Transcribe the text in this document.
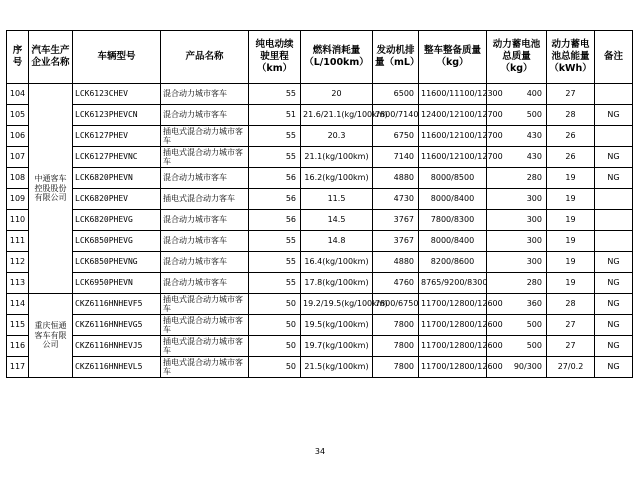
序号	汽车生产企业名称	车辆型号	产品名称	纯电动续驶里程（km）	燃料消耗量（L/100km）	发动机排量（mL）	整车整备质量（kg）	动力蓄电池总质量（kg）	动力蓄电池总能量（kWh）	备注
104	中通客车控股股份有限公司	LCK6123CHEV	混合动力城市客车	55	20	6500	11600/11100/12300	400	27	
105		LCK6123PHEVCN	混合动力城市客车	51	21.6/21.1(kg/100km)	7800/7140	12400/12100/12700	500	28	NG
106		LCK6127PHEV	插电式混合动力城市客车	55	20.3	6750	11600/12100/12700	430	26	
107		LCK6127PHEVNC	插电式混合动力城市客车	55	21.1(kg/100km)	7140	11600/12100/12700	430	26	NG
108		LCK6820PHEVN	混合动力城市客车	56	16.2(kg/100km)	4880	8000/8500	280	19	NG
109		LCK6820PHEV	插电式混合动力客车	56	11.5	4730	8000/8400	300	19	
110		LCK6820PHEVG	混合动力城市客车	56	14.5	3767	7800/8300	300	19	
111		LCK6850PHEVG	混合动力城市客车	55	14.8	3767	8000/8400	300	19	
112		LCK6850PHEVNG	混合动力城市客车	55	16.4(kg/100km)	4880	8200/8600	300	19	NG
113		LCK6950PHEVN	混合动力城市客车	55	17.8(kg/100km)	4760	8765/9200/8300	280	19	NG
114	重庆恒通客车有限公司	CKZ6116HNHEVF5	插电式混合动力城市客车	50	19.2/19.5(kg/100km)	7800/6750	11700/12800/12600	360	28	NG
115		CKZ6116HNHEVG5	插电式混合动力城市客车	50	19.5(kg/100km)	7800	11700/12800/12600	500	27	NG
116		CKZ6116HNHEVJ5	插电式混合动力城市客车	50	19.7(kg/100km)	7800	11700/12800/12600	500	27	NG
117		CKZ6116HNHEVL5	插电式混合动力城市客车	50	21.5(kg/100km)	7800	11700/12800/12600	90/300	27/0.2	NG
34
